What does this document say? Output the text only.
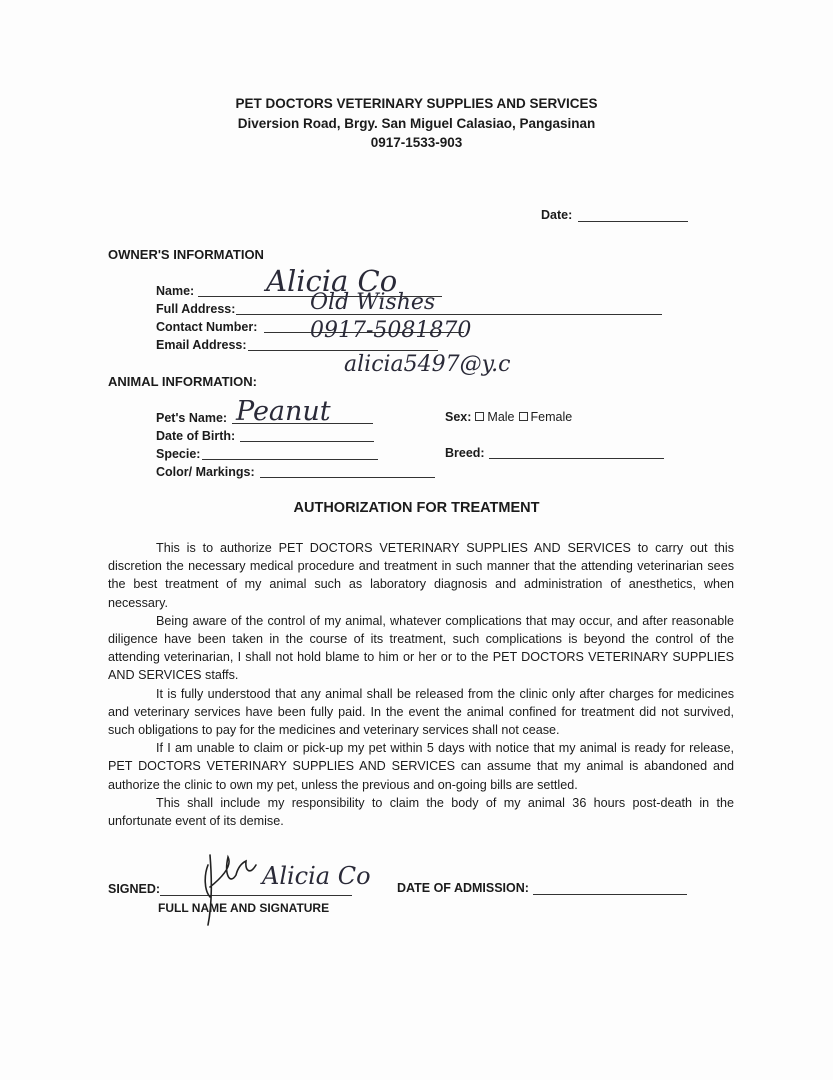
PET DOCTORS VETERINARY SUPPLIES AND SERVICES
Diversion Road, Brgy. San Miguel Calasiao, Pangasinan
0917-1533-903
Date:
OWNER'S INFORMATION
Name: Alicia Co
Full Address:	Old Wishes
Contact Number: 0917-5081870
Email Address:
alicia5497@y.c
ANIMAL INFORMATION:
Pet's Name: Peanut
Date of Birth:
Specie:
Color/ Markings:
Sex: Male Female
Breed:
AUTHORIZATION FOR TREATMENT

This is to authorize PET DOCTORS VETERINARY SUPPLIES AND SERVICES to carry out this discretion the necessary medical procedure and treatment in such manner that the attending veterinarian sees the best treatment of my animal such as laboratory diagnosis and administration of anesthetics, when necessary.

Being aware of the control of my animal, whatever complications that may occur, and after reasonable diligence have been taken in the course of its treatment, such complications is beyond the control of the attending veterinarian, I shall not hold blame to him or her or to the PET DOCTORS VETERINARY SUPPLIES AND SERVICES staffs.

It is fully understood that any animal shall be released from the clinic only after charges for medicines and veterinary services have been fully paid. In the event the animal confined for treatment did not survived, such obligations to pay for the medicines and veterinary services shall not cease.

If I am unable to claim or pick-up my pet within 5 days with notice that my animal is ready for release, PET DOCTORS VETERINARY SUPPLIES AND SERVICES can assume that my animal is abandoned and authorize the clinic to own my pet, unless the previous and on-going bills are settled.

This shall include my responsibility to claim the body of my animal 36 hours post-death in the unfortunate event of its demise.

SIGNED:
FULL NAME AND SIGNATURE
Alicia Co DATE OF ADMISSION:
